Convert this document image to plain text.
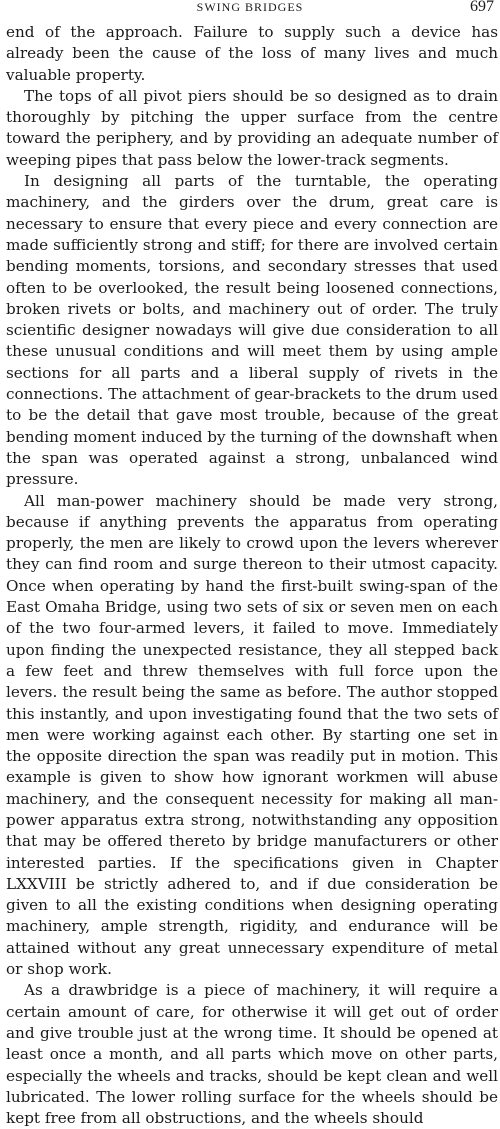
SWING BRIDGES	697

end of the approach. Failure to supply such a device has already been the cause of the loss of many lives and much valuable property.

The tops of all pivot piers should be so designed as to drain thoroughly by pitching the upper surface from the centre toward the periphery, and by providing an adequate number of weeping pipes that pass below the lower-track segments.

In designing all parts of the turntable, the operating machinery, and the girders over the drum, great care is necessary to ensure that every piece and every connection are made sufficiently strong and stiff; for there are involved certain bending moments, torsions, and secondary stresses that used often to be overlooked, the result being loosened connections, broken rivets or bolts, and machinery out of order. The truly scientific designer nowadays will give due consideration to all these unusual conditions and will meet them by using ample sections for all parts and a liberal supply of rivets in the connections. The attachment of gear-brackets to the drum used to be the detail that gave most trouble, because of the great bending moment induced by the turning of the downshaft when the span was operated against a strong, unbalanced wind pressure.

All man-power machinery should be made very strong, because if anything prevents the apparatus from operating properly, the men are likely to crowd upon the levers wherever they can find room and surge thereon to their utmost capacity. Once when operating by hand the first-built swing-span of the East Omaha Bridge, using two sets of six or seven men on each of the two four-armed levers, it failed to move. Immediately upon finding the unexpected resistance, they all stepped back a few feet and threw themselves with full force upon the levers. the result being the same as before. The author stopped this instantly, and upon investigating found that the two sets of men were working against each other. By starting one set in the opposite direction the span was readily put in motion. This example is given to show how ignorant workmen will abuse machinery, and the consequent necessity for making all man-power apparatus extra strong, notwithstanding any opposition that may be offered thereto by bridge manufacturers or other interested parties. If the specifications given in Chapter LXXVIII be strictly adhered to, and if due consideration be given to all the existing conditions when designing operating machinery, ample strength, rigidity, and endurance will be attained without any great unnecessary expenditure of metal or shop work.

As a drawbridge is a piece of machinery, it will require a certain amount of care, for otherwise it will get out of order and give trouble just at the wrong time. It should be opened at least once a month, and all parts which move on other parts, especially the wheels and tracks, should be kept clean and well lubricated. The lower rolling surface for the wheels should be kept free from all obstructions, and the wheels should
